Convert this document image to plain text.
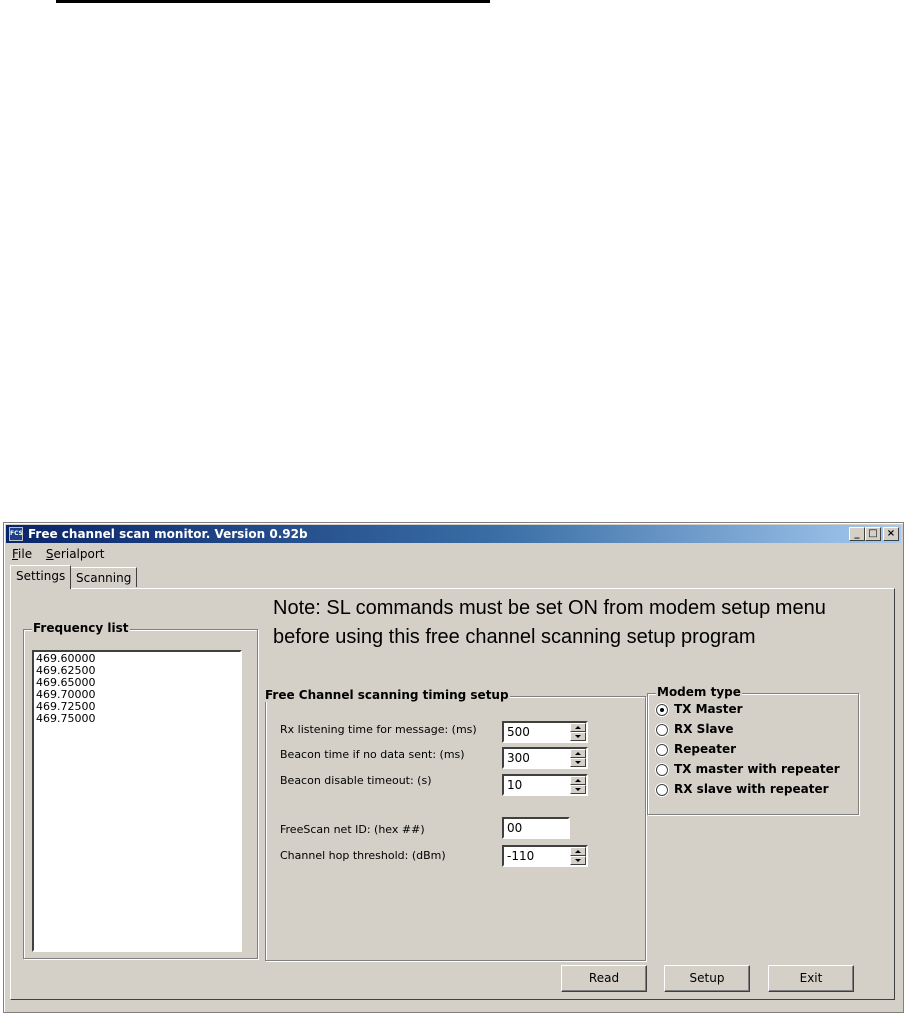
FCS Free channel scan monitor. Version 0.92b	_ □ ×
File Serialport
Settings Scanning
Note: SL commands must be set ON from modem setup menu
before using this free channel scanning setup program
Frequency list
469.60000
469.62500
469.65000
469.70000
469.72500
469.75000
Free Channel scanning timing setup
Rx listening time for message: (ms)	500
Beacon time if no data sent: (ms)	300
Beacon disable timeout: (s)	10
FreeScan net ID: (hex ##)	00
Channel hop threshold: (dBm)	-110
Modem type
TX Master
RX Slave
Repeater
TX master with repeater
RX slave with repeater
Read	Setup	Exit
